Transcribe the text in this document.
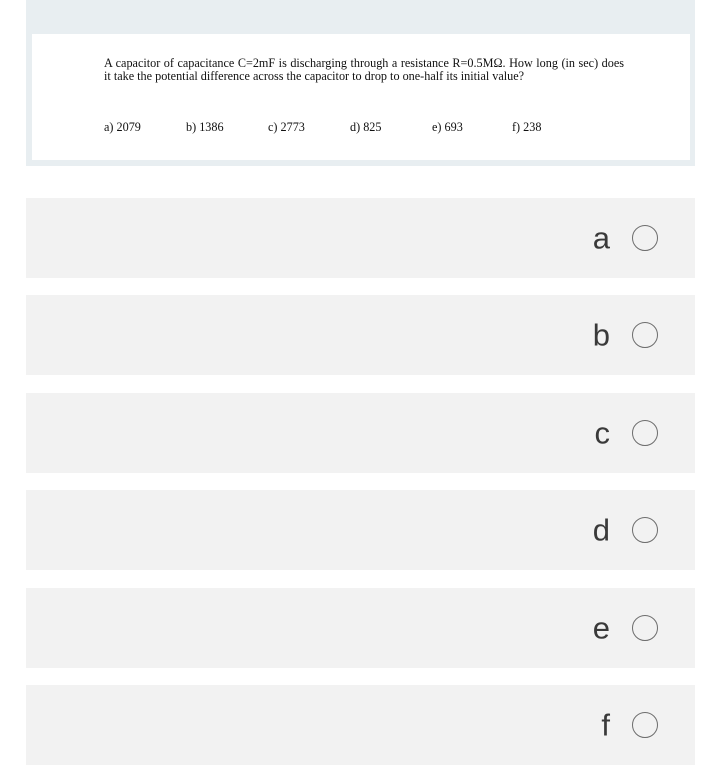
A capacitor of capacitance C=2mF is discharging through a resistance R=0.5MΩ. How long (in sec) does it take the potential difference across the capacitor to drop to one-half its initial value?
a) 2079	b) 1386	c) 2773	d) 825	e) 693	f) 238
a
b
c
d
e
f
